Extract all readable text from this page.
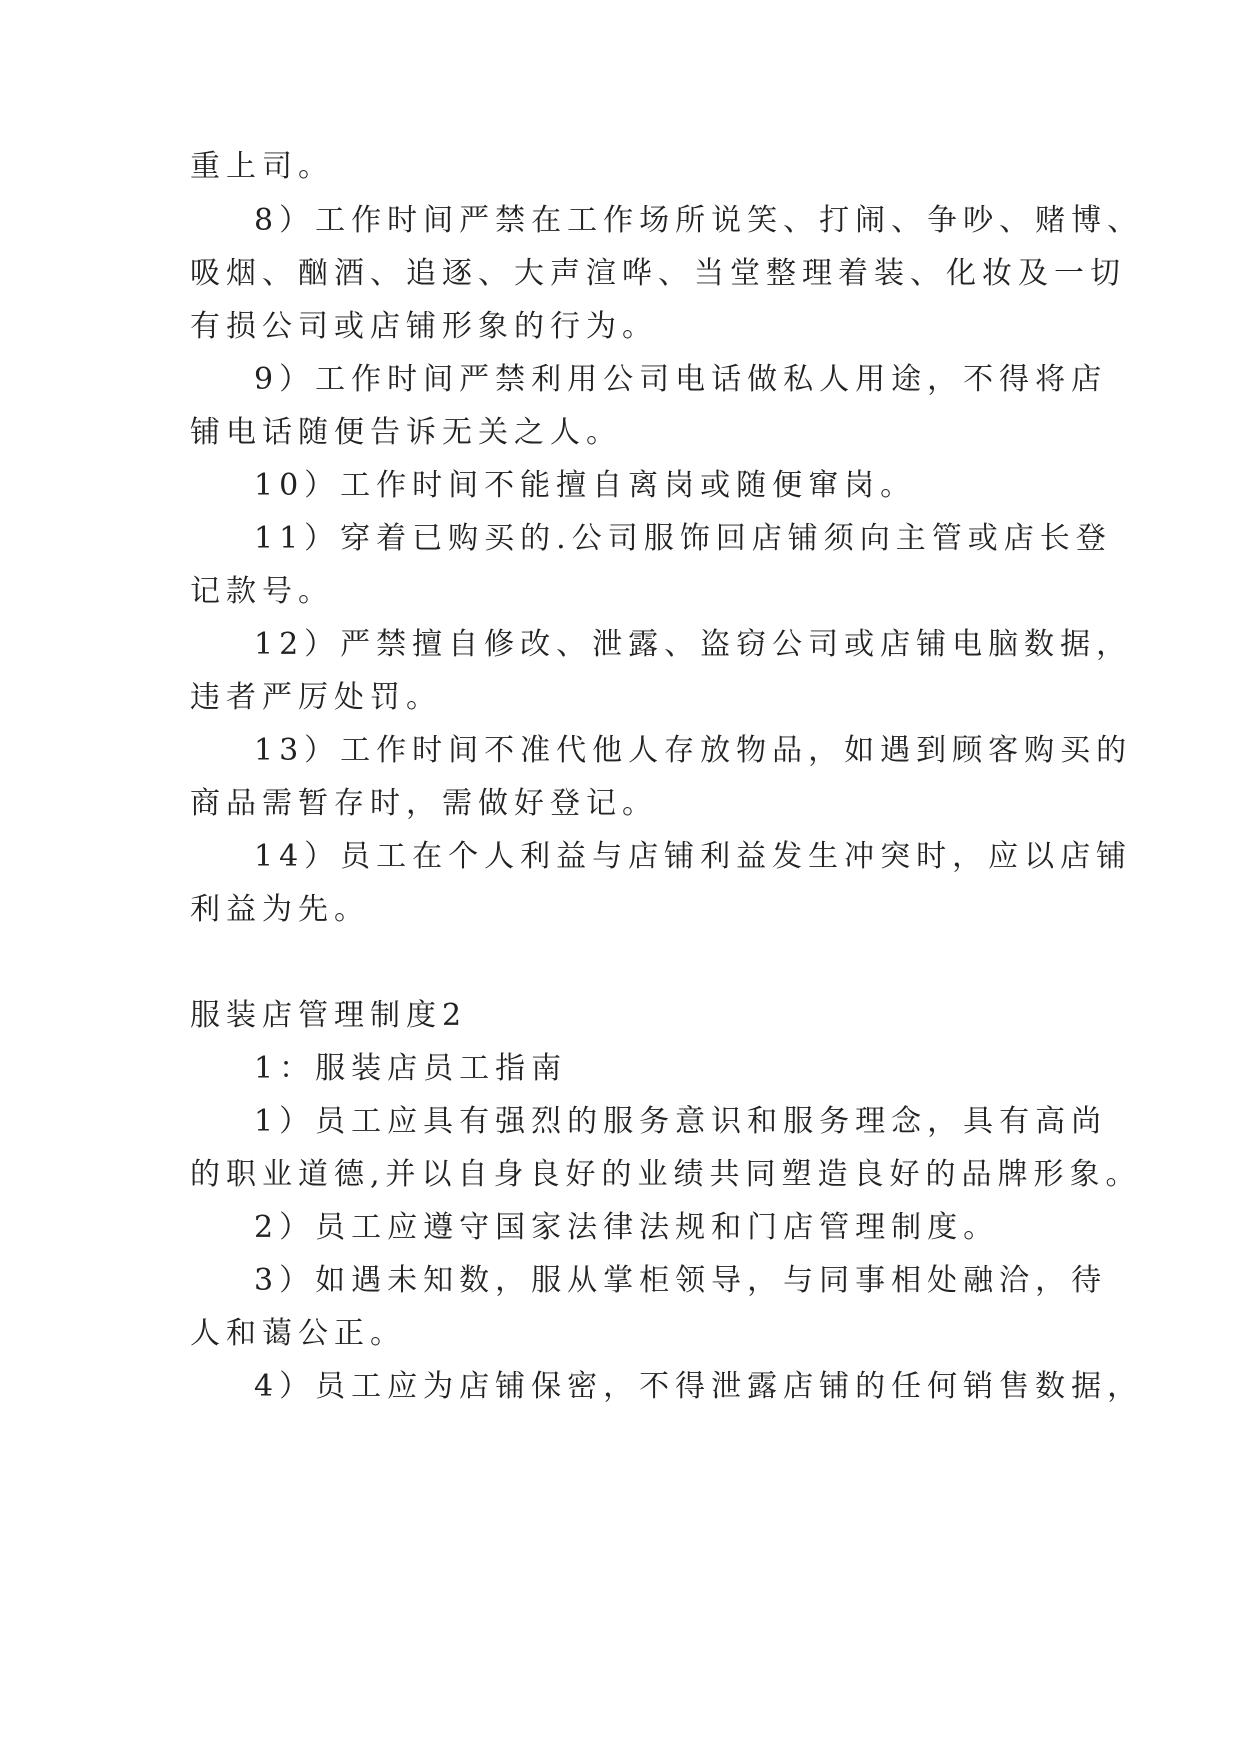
重上司。
8）工作时间严禁在工作场所说笑、打闹、争吵、赌博、
吸烟、酗酒、追逐、大声渲哗、当堂整理着装、化妆及一切
有损公司或店铺形象的行为。
9）工作时间严禁利用公司电话做私人用途，不得将店
铺电话随便告诉无关之人。
10）工作时间不能擅自离岗或随便窜岗。
11）穿着已购买的.公司服饰回店铺须向主管或店长登
记款号。
12）严禁擅自修改、泄露、盗窃公司或店铺电脑数据，
违者严厉处罚。
13）工作时间不准代他人存放物品，如遇到顾客购买的
商品需暂存时，需做好登记。
14）员工在个人利益与店铺利益发生冲突时，应以店铺
利益为先。
服装店管理制度2
1：服装店员工指南
1）员工应具有强烈的服务意识和服务理念，具有高尚
的职业道德,并以自身良好的业绩共同塑造良好的品牌形象。
2）员工应遵守国家法律法规和门店管理制度。
3）如遇未知数，服从掌柜领导，与同事相处融洽，待
人和蔼公正。
4）员工应为店铺保密，不得泄露店铺的任何销售数据，
